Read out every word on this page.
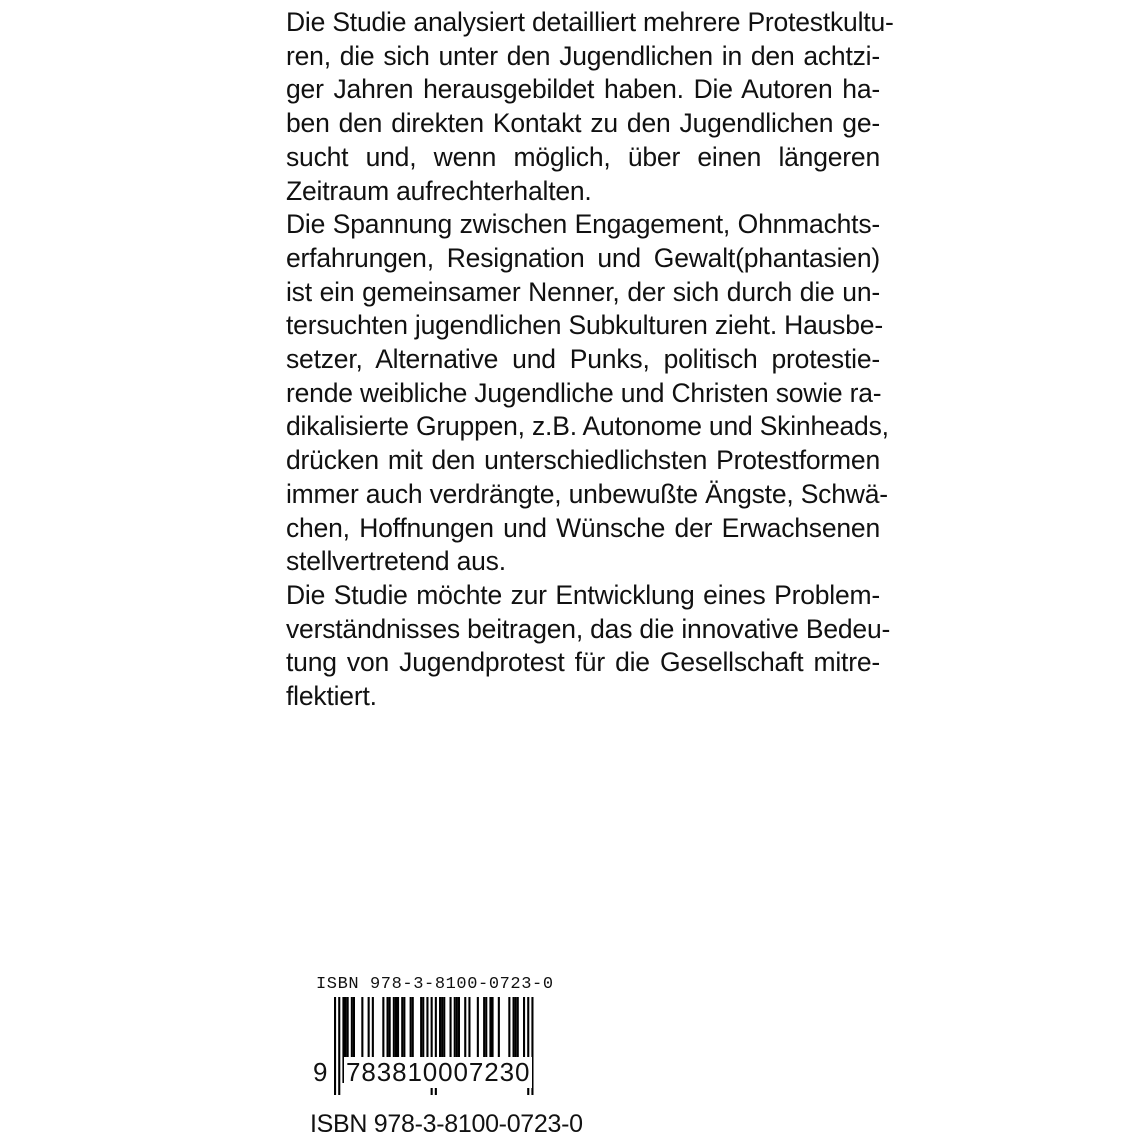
Die Studie analysiert detailliert mehrere Protestkultu-
ren, die sich unter den Jugendlichen in den achtzi-
ger Jahren herausgebildet haben. Die Autoren ha-
ben den direkten Kontakt zu den Jugendlichen ge-
sucht und, wenn möglich, über einen längeren
Zeitraum aufrechterhalten.
Die Spannung zwischen Engagement, Ohnmachts-
erfahrungen, Resignation und Gewalt(phantasien)
ist ein gemeinsamer Nenner, der sich durch die un-
tersuchten jugendlichen Subkulturen zieht. Hausbe-
setzer, Alternative und Punks, politisch protestie-
rende weibliche Jugendliche und Christen sowie ra-
dikalisierte Gruppen, z.B. Autonome und Skinheads,
drücken mit den unterschiedlichsten Protestformen
immer auch verdrängte, unbewußte Ängste, Schwä-
chen, Hoffnungen und Wünsche der Erwachsenen
stellvertretend aus.
Die Studie möchte zur Entwicklung eines Problem-
verständnisses beitragen, das die innovative Bedeu-
tung von Jugendprotest für die Gesellschaft mitre-
flektiert.
ISBN 978-3-8100-0723-0
9 783810007230
ISBN 978-3-8100-0723-0
